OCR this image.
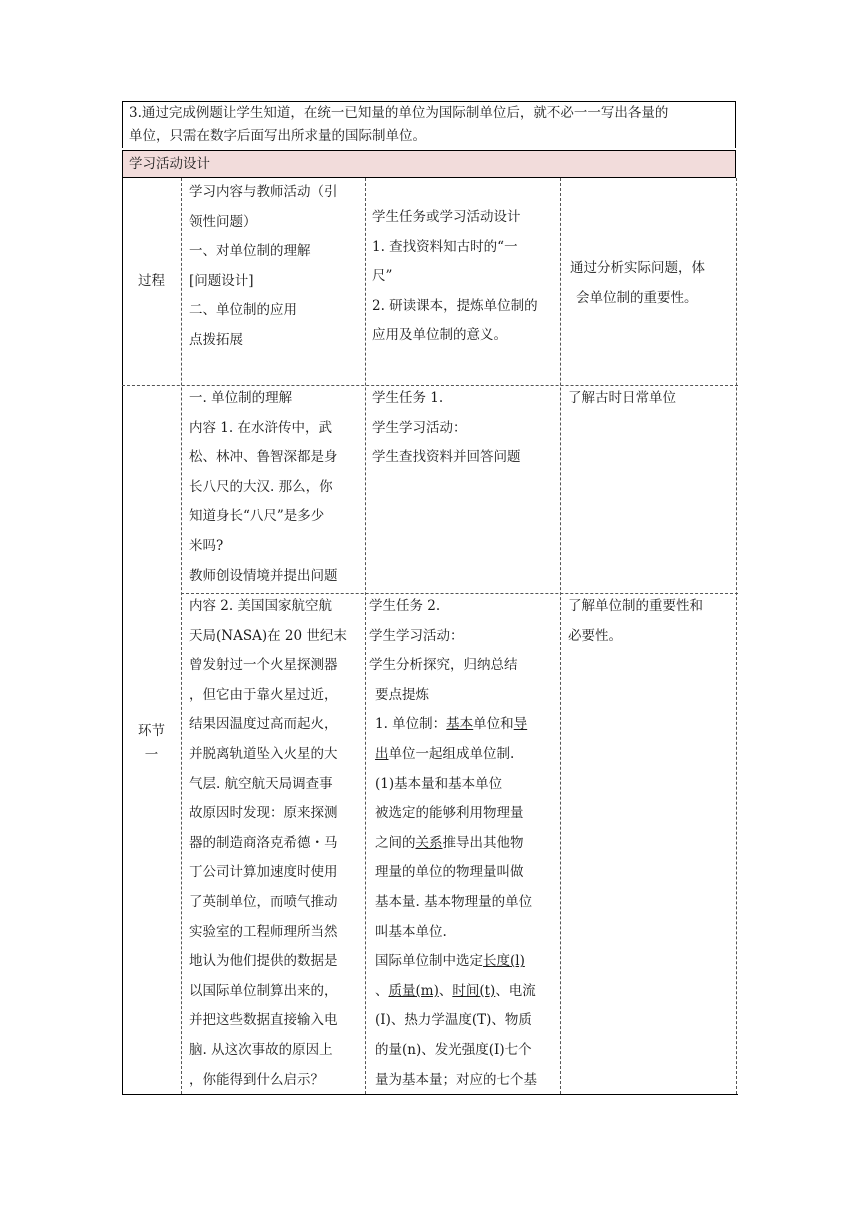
3.通过完成例题让学生知道，在统一已知量的单位为国际制单位后，就不必一一写出各量的
单位，只需在数字后面写出所求量的国际制单位。
学习活动设计
过程
学习内容与教师活动（引
领性问题）
一、对单位制的理解
[问题设计]
二、单位制的应用
点拨拓展
学生任务或学习活动设计
1. 查找资料知古时的“一
尺”
2. 研读课本，提炼单位制的
应用及单位制的意义。
通过分析实际问题，体
会单位制的重要性。
环节
一
一. 单位制的理解
内容 1. 在水浒传中，武
松、林冲、鲁智深都是身
长八尺的大汉. 那么，你
知道身长“八尺”是多少
米吗?
教师创设情境并提出问题
学生任务 1.
学生学习活动：
学生查找资料并回答问题
了解古时日常单位
内容 2. 美国国家航空航
天局(NASA)在 20 世纪末
曾发射过一个火星探测器
，但它由于靠火星过近，
结果因温度过高而起火，
并脱离轨道坠入火星的大
气层. 航空航天局调查事
故原因时发现：原来探测
器的制造商洛克希德・马
丁公司计算加速度时使用
了英制单位，而喷气推动
实验室的工程师理所当然
地认为他们提供的数据是
以国际单位制算出来的，
并把这些数据直接输入电
脑. 从这次事故的原因上
，你能得到什么启示？
学生任务 2.
学生学习活动：
学生分析探究，归纳总结
要点提炼
1. 单位制：基本单位和导
出单位一起组成单位制.
(1)基本量和基本单位
被选定的能够利用物理量
之间的关系推导出其他物
理量的单位的物理量叫做
基本量. 基本物理量的单位
叫基本单位.
国际单位制中选定长度(l)
、质量(m)、时间(t)、电流
(I)、热力学温度(T)、物质
的量(n)、发光强度(I)七个
量为基本量；对应的七个基
了解单位制的重要性和
必要性。
